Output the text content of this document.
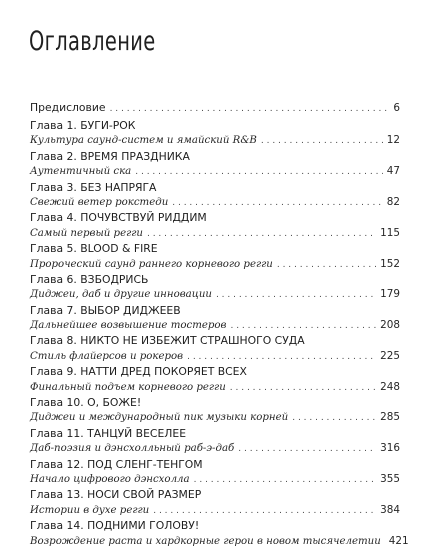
Оглавление
Предисловие . . .	6
Глава 1. БУГИ-РОК
Культура саунд-систем и ямайский R&B . . .	12
Глава 2. ВРЕМЯ ПРАЗДНИКА
Аутентичный ска . . .	47
Глава 3. БЕЗ НАПРЯГА
Свежий ветер рокстеди . . .	82
Глава 4. ПОЧУВСТВУЙ РИДДИМ
Самый первый регги . . .	115
Глава 5. BLOOD & FIRE
Пророческий саунд раннего корневого регги . . .	152
Глава 6. ВЗБОДРИСЬ
Диджеи, даб и другие инновации . . .	179
Глава 7. ВЫБОР ДИДЖЕЕВ
Дальнейшее возвышение тостеров . . .	208
Глава 8. НИКТО НЕ ИЗБЕЖИТ СТРАШНОГО СУДА
Стиль флайерсов и рокеров . . .	225
Глава 9. НАТТИ ДРЕД ПОКОРЯЕТ ВСЕХ
Финальный подъем корневого регги . . .	248
Глава 10. О, БОЖЕ!
Диджеи и международный пик музыки корней . . .	285
Глава 11. ТАНЦУЙ ВЕСЕЛЕЕ
Даб-поэзия и дэнсхолльный раб-э-даб . . .	316
Глава 12. ПОД СЛЕНГ-ТЕНГОМ
Начало цифрового дэнсхолла . . .	355
Глава 13. НОСИ СВОЙ РАЗМЕР
Истории в духе регги . . .	384
Глава 14. ПОДНИМИ ГОЛОВУ!
Возрождение раста и хардкорные герои в новом тысячелетии 421
